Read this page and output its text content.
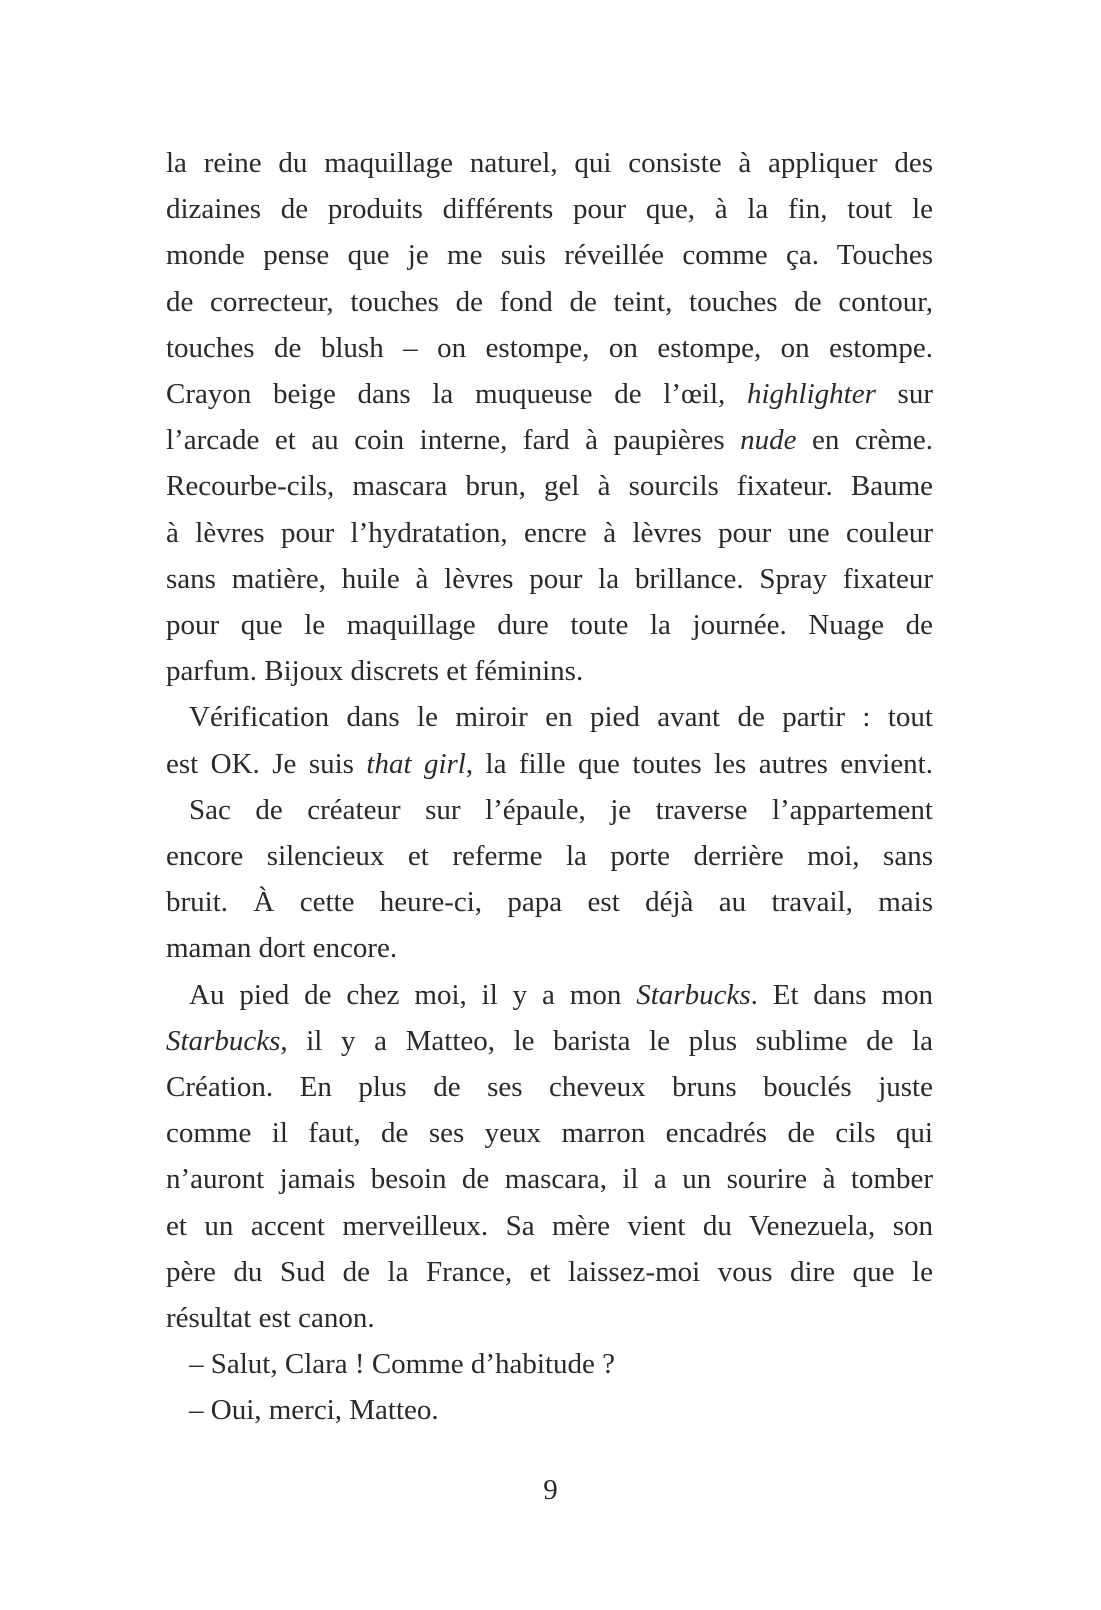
la reine du maquillage naturel, qui consiste à appliquer des
dizaines de produits différents pour que, à la fin, tout le
monde pense que je me suis réveillée comme ça. Touches
de correcteur, touches de fond de teint, touches de contour,
touches de blush – on estompe, on estompe, on estompe.
Crayon beige dans la muqueuse de l’œil, highlighter sur
l’arcade et au coin interne, fard à paupières nude en crème.
Recourbe-cils, mascara brun, gel à sourcils fixateur. Baume
à lèvres pour l’hydratation, encre à lèvres pour une couleur
sans matière, huile à lèvres pour la brillance. Spray fixateur
pour que le maquillage dure toute la journée. Nuage de
parfum. Bijoux discrets et féminins.
Vérification dans le miroir en pied avant de partir : tout
est OK. Je suis that girl, la fille que toutes les autres envient.
Sac de créateur sur l’épaule, je traverse l’appartement
encore silencieux et referme la porte derrière moi, sans
bruit. À cette heure-ci, papa est déjà au travail, mais
maman dort encore.
Au pied de chez moi, il y a mon Starbucks. Et dans mon
Starbucks, il y a Matteo, le barista le plus sublime de la
Création. En plus de ses cheveux bruns bouclés juste
comme il faut, de ses yeux marron encadrés de cils qui
n’auront jamais besoin de mascara, il a un sourire à tomber
et un accent merveilleux. Sa mère vient du Venezuela, son
père du Sud de la France, et laissez-moi vous dire que le
résultat est canon.
– Salut, Clara ! Comme d’habitude ?
– Oui, merci, Matteo.
9
